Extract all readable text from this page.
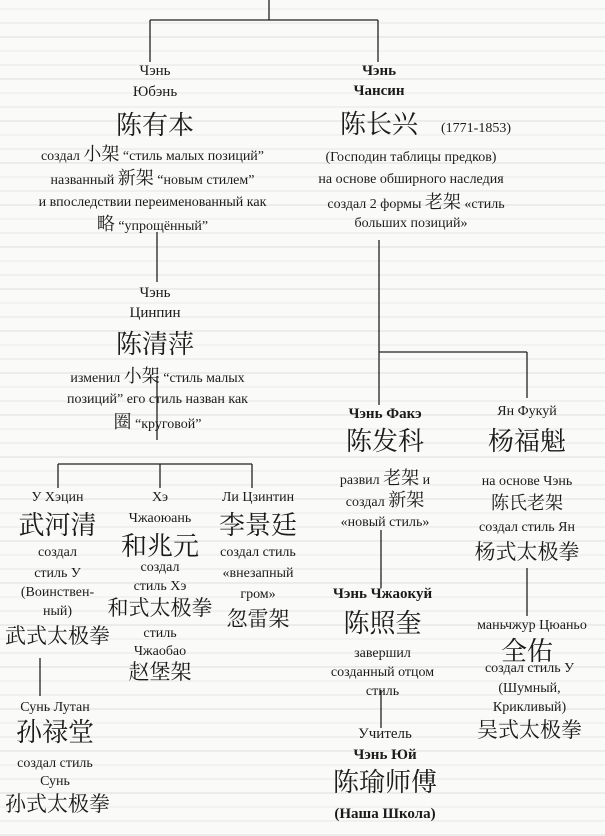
Чэнь
Юбэнь
陈有本
создал 小架 “стиль малых позиций”
названный 新架 “новым стилем”
и впоследствии переименованный как
略 “упрощённый”
Чэнь
Чансин
陈长兴	(1771-1853)
(Господин таблицы предков)
на основе обширного наследия
создал 2 формы 老架 «стиль
больших позиций»
Чэнь
Цинпин
陈清萍
изменил 小架 “стиль малых
позиций” его стиль назван как
圈 “круговой”
Чэнь Факэ
陈发科
развил 老架 и
создал 新架
«новый стиль»
Ян Фукуй
杨福魁
на основе Чэнь
陈氏老架
создал стиль Ян
杨式太极拳
У Хэцин
武河清
создал
стиль У
(Воинствен-
ный)
武式太极拳
Хэ
Чжаоюань
和兆元
создал
стиль Хэ
和式太极拳
стиль
Чжаобао
赵堡架
Ли Цзинтин
李景廷
создал стиль
«внезапный
гром»
忽雷架
Чэнь Чжаокуй
陈照奎
завершил
созданный отцом
стиль
маньчжур Цюаньо
全佑
создал стиль У
(Шумный,
Крикливый)
吴式太极拳
Сунь Лутан
孙禄堂
создал стиль
Сунь
孙式太极拳
Учитель
Чэнь Юй
陈瑜师傅
(Наша Школа)
